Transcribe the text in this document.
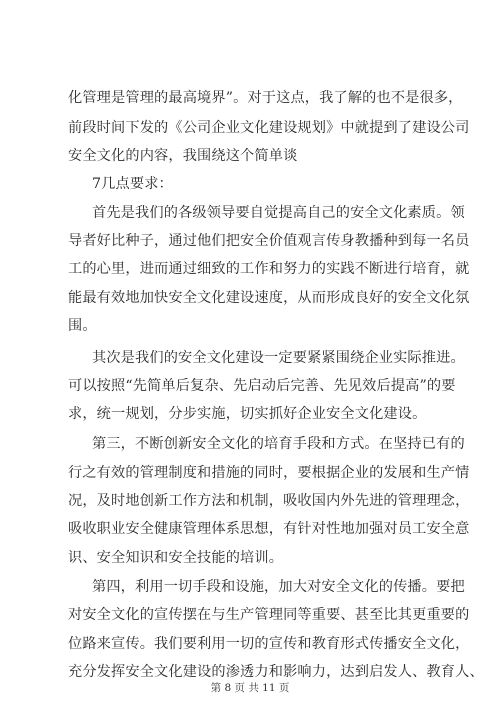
化管理是管理的最高境界”。对于这点，我了解的也不是很多，
前段时间下发的《公司企业文化建设规划》中就提到了建设公司
安全文化的内容，我围绕这个简单谈
7几点要求：
首先是我们的各级领导要自觉提高自己的安全文化素质。领
导者好比种子，通过他们把安全价值观言传身教播种到每一名员
工的心里，进而通过细致的工作和努力的实践不断进行培育，就
能最有效地加快安全文化建设速度，从而形成良好的安全文化氛
围。
其次是我们的安全文化建设一定要紧紧围绕企业实际推进。
可以按照“先简单后复杂、先启动后完善、先见效后提高”的要
求，统一规划，分步实施，切实抓好企业安全文化建设。
第三，不断创新安全文化的培育手段和方式。在坚持已有的
行之有效的管理制度和措施的同时，要根据企业的发展和生产情
况，及时地创新工作方法和机制，吸收国内外先进的管理理念，
吸收职业安全健康管理体系思想，有针对性地加强对员工安全意
识、安全知识和安全技能的培训。
第四，利用一切手段和设施，加大对安全文化的传播。要把
对安全文化的宣传摆在与生产管理同等重要、甚至比其更重要的
位路来宣传。我们要利用一切的宣传和教育形式传播安全文化，
充分发挥安全文化建设的渗透力和影响力，达到启发人、教育人、
第 8 页 共 11 页
